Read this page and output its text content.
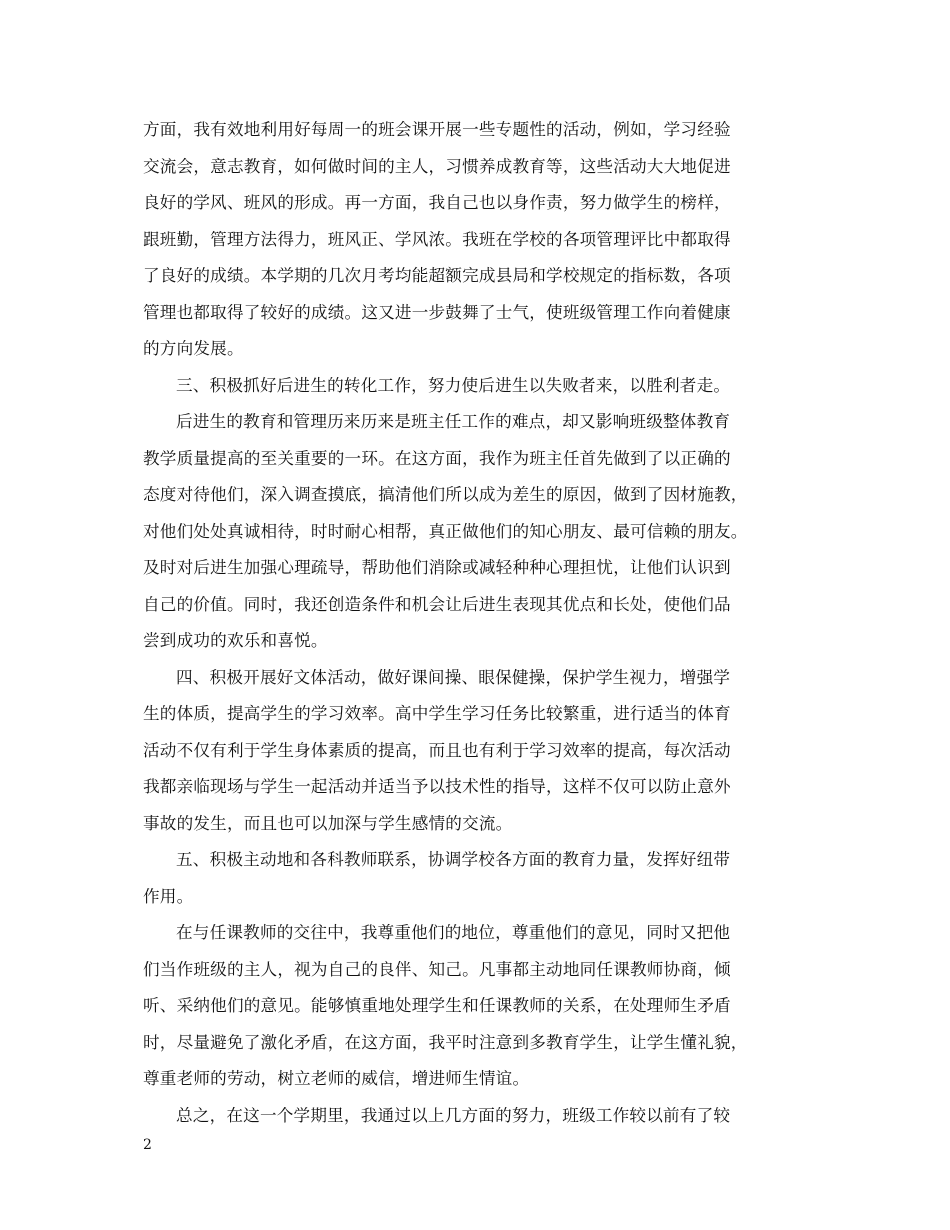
方面，我有效地利用好每周一的班会课开展一些专题性的活动，例如，学习经验
交流会，意志教育，如何做时间的主人，习惯养成教育等，这些活动大大地促进
良好的学风、班风的形成。再一方面，我自己也以身作责，努力做学生的榜样，
跟班勤，管理方法得力，班风正、学风浓。我班在学校的各项管理评比中都取得
了良好的成绩。本学期的几次月考均能超额完成县局和学校规定的指标数，各项
管理也都取得了较好的成绩。这又进一步鼓舞了士气，使班级管理工作向着健康
的方向发展。
三、积极抓好后进生的转化工作，努力使后进生以失败者来，以胜利者走。
后进生的教育和管理历来历来是班主任工作的难点，却又影响班级整体教育
教学质量提高的至关重要的一环。在这方面，我作为班主任首先做到了以正确的
态度对待他们，深入调查摸底，搞清他们所以成为差生的原因，做到了因材施教，
对他们处处真诚相待，时时耐心相帮，真正做他们的知心朋友、最可信赖的朋友。
及时对后进生加强心理疏导，帮助他们消除或减轻种种心理担忧，让他们认识到
自己的价值。同时，我还创造条件和机会让后进生表现其优点和长处，使他们品
尝到成功的欢乐和喜悦。
四、积极开展好文体活动，做好课间操、眼保健操，保护学生视力，增强学
生的体质，提高学生的学习效率。高中学生学习任务比较繁重，进行适当的体育
活动不仅有利于学生身体素质的提高，而且也有利于学习效率的提高，每次活动
我都亲临现场与学生一起活动并适当予以技术性的指导，这样不仅可以防止意外
事故的发生，而且也可以加深与学生感情的交流。
五、积极主动地和各科教师联系，协调学校各方面的教育力量，发挥好纽带
作用。
在与任课教师的交往中，我尊重他们的地位，尊重他们的意见，同时又把他
们当作班级的主人，视为自己的良伴、知己。凡事都主动地同任课教师协商，倾
听、采纳他们的意见。能够慎重地处理学生和任课教师的关系，在处理师生矛盾
时，尽量避免了激化矛盾，在这方面，我平时注意到多教育学生，让学生懂礼貌，
尊重老师的劳动，树立老师的威信，增进师生情谊。
总之，在这一个学期里，我通过以上几方面的努力，班级工作较以前有了较
2
